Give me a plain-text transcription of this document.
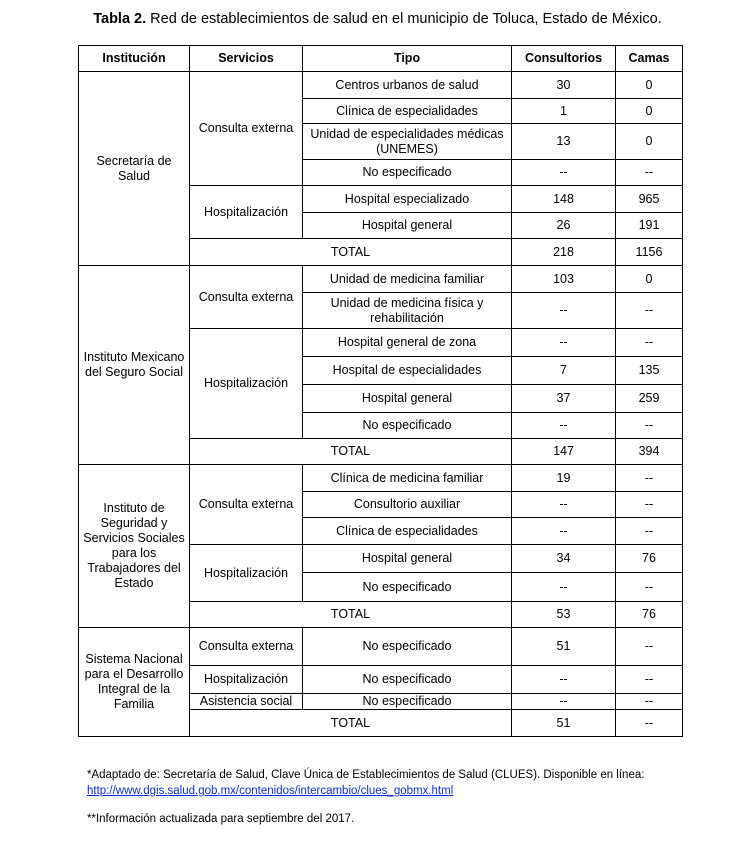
Tabla 2. Red de establecimientos de salud en el municipio de Toluca, Estado de México.
Institución	Servicios	Tipo	Consultorios	Camas
Secretaría de Salud	Consulta externa	Centros urbanos de salud	30	0
		Clínica de especialidades	1	0
		Unidad de especialidades médicas (UNEMES)	13	0
		No especificado	--	--
	Hospitalización	Hospital especializado	148	965
		Hospital general	26	191
	TOTAL		218	1156
Instituto Mexicano del Seguro Social	Consulta externa	Unidad de medicina familiar	103	0
		Unidad de medicina física y rehabilitación	--	--
	Hospitalización	Hospital general de zona	--	--
		Hospital de especialidades	7	135
		Hospital general	37	259
		No especificado	--	--
	TOTAL		147	394
Instituto de Seguridad y Servicios Sociales para los Trabajadores del Estado	Consulta externa	Clínica de medicina familiar	19	--
		Consultorio auxiliar	--	--
		Clínica de especialidades	--	--
	Hospitalización	Hospital general	34	76
		No especificado	--	--
	TOTAL		53	76
Sistema Nacional para el Desarrollo Integral de la Familia	Consulta externa	No especificado	51	--
	Hospitalización	No especificado	--	--
	Asistencia social	No especificado	--	--
	TOTAL		51	--

*Adaptado de: Secretaría de Salud, Clave Única de Establecimientos de Salud (CLUES). Disponible en línea:

http://www.dgis.salud.gob.mx/contenidos/intercambio/clues_gobmx.html

**Información actualizada para septiembre del 2017.
